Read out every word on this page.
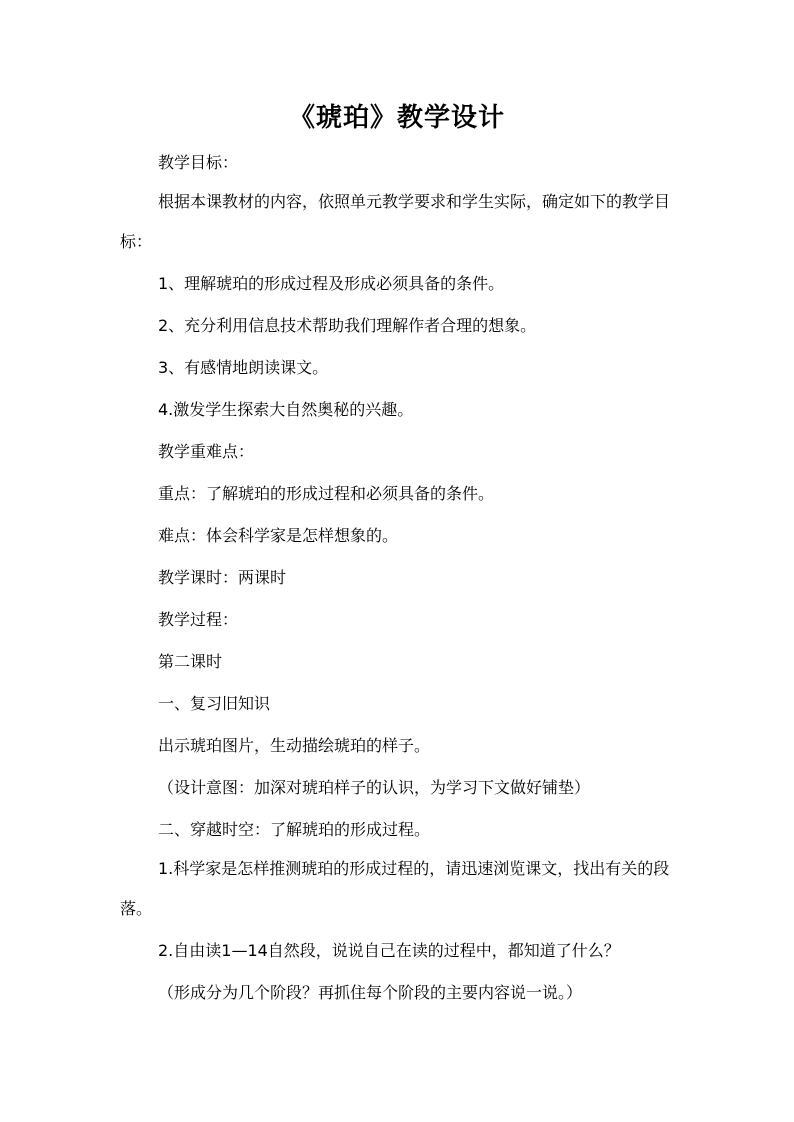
《琥珀》教学设计

教学目标：

根据本课教材的内容，依照单元教学要求和学生实际，确定如下的教学目标：

1、理解琥珀的形成过程及形成必须具备的条件。

2、充分利用信息技术帮助我们理解作者合理的想象。

3、有感情地朗读课文。

4.激发学生探索大自然奥秘的兴趣。

教学重难点：

重点：了解琥珀的形成过程和必须具备的条件。

难点：体会科学家是怎样想象的。

教学课时：两课时

教学过程：

第二课时

一、复习旧知识

出示琥珀图片，生动描绘琥珀的样子。

（设计意图：加深对琥珀样子的认识，为学习下文做好铺垫）

二、穿越时空：了解琥珀的形成过程。

1.科学家是怎样推测琥珀的形成过程的，请迅速浏览课文，找出有关的段落。

2.自由读1—14自然段，说说自己在读的过程中，都知道了什么？

（形成分为几个阶段？再抓住每个阶段的主要内容说一说。）
